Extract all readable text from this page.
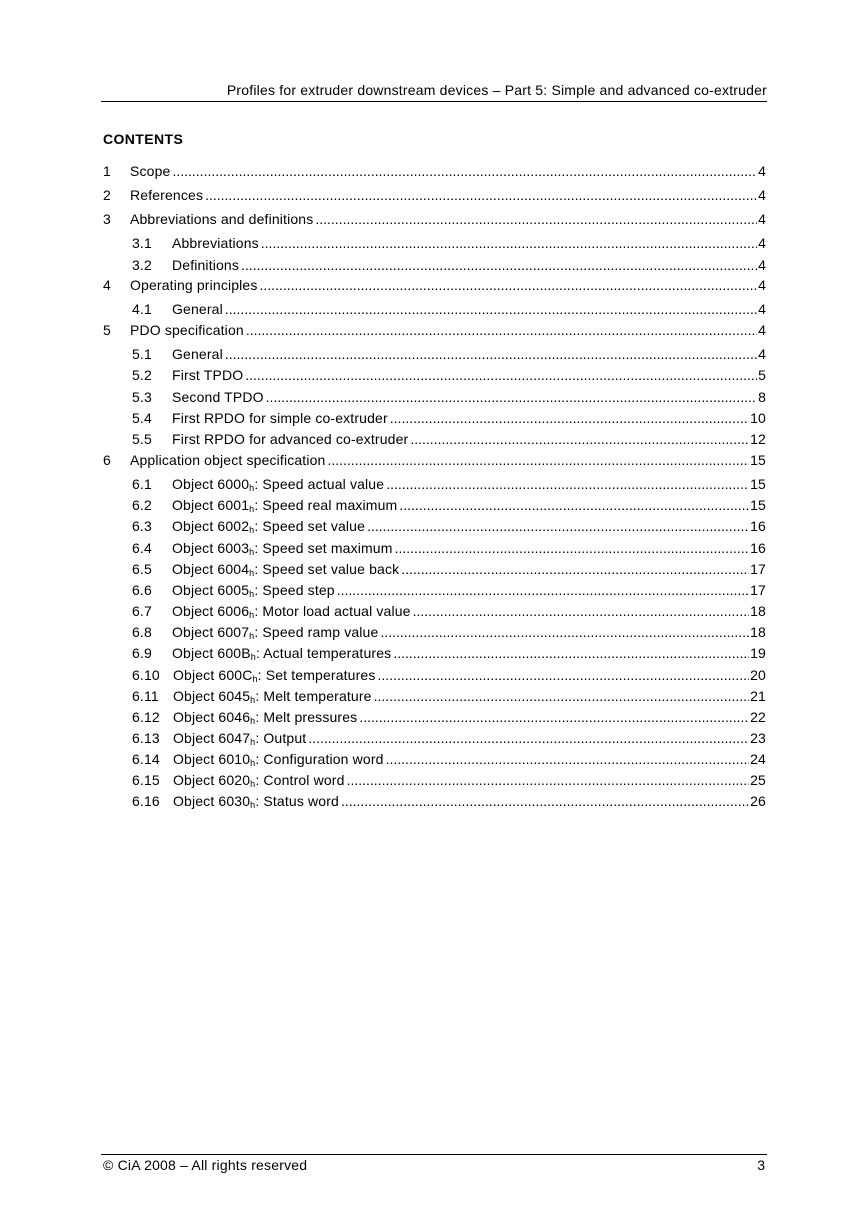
Profiles for extruder downstream devices – Part 5: Simple and advanced co-extruder
CONTENTS
1	Scope .....	4
2	References .....	4
3	Abbreviations and definitions .....	4
3.1	Abbreviations .....	4
3.2	Definitions .....	4
4	Operating principles .....	4
4.1	General .....	4
5	PDO specification .....	4
5.1	General .....	4
5.2	First TPDO .....	5
5.3	Second TPDO .....	8
5.4	First RPDO for simple co-extruder .....	10
5.5	First RPDO for advanced co-extruder .....	12
6	Application object specification .....	15
6.1	Object $6000_h$: Speed actual value .....	15
6.2	Object $6001_h$: Speed real maximum .....	15
6.3	Object $6002_h$: Speed set value .....	16
6.4	Object $6003_h$: Speed set maximum .....	16
6.5	Object $6004_h$: Speed set value back .....	17
6.6	Object $6005_h$: Speed step .....	17
6.7	Object $6006_h$: Motor load actual value .....	18
6.8	Object $6007_h$: Speed ramp value .....	18
6.9	Object $600B_h$: Actual temperatures .....	19
6.10 Object $600C_h$: Set temperatures .....	20
6.11	Object $6045_h$: Melt temperature .....	21
6.12 Object $6046_h$: Melt pressures .....	22
6.13 Object $6047_h$: Output .....	23
6.14 Object $6010_h$: Configuration word .....	24
6.15 Object $6020_h$: Control word .....	25
6.16 Object $6030_h$: Status word .....	26
© CiA 2008 – All rights reserved	3
